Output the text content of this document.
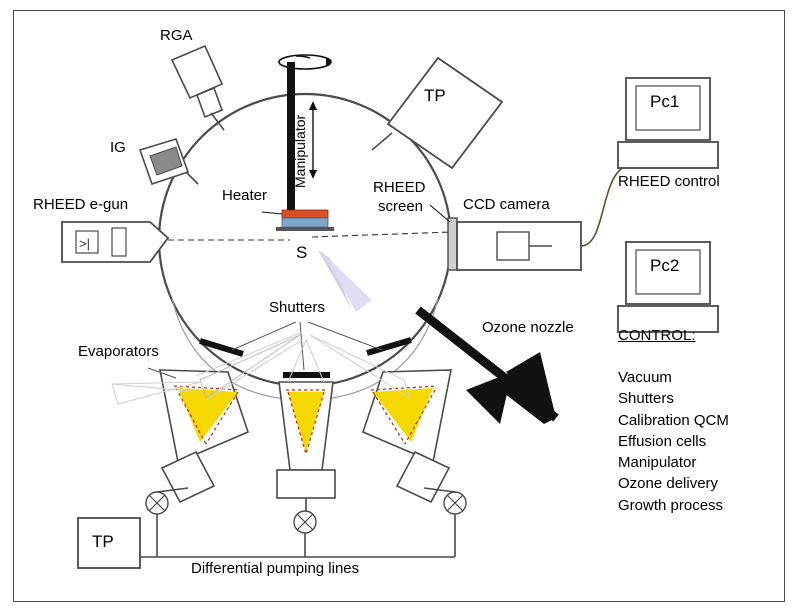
>|
RGA
IG
RHEED e-gun
Heater
S
Manipulator
TP
RHEED
screen	CCD camera
Pc1
RHEED control
Pc2
Shutters
Evaporators
Ozone nozzle
TP
Differential pumping lines
CONTROL:
Vacuum
Shutters
Calibration QCM
Effusion cells
Manipulator
Ozone delivery
Growth process
